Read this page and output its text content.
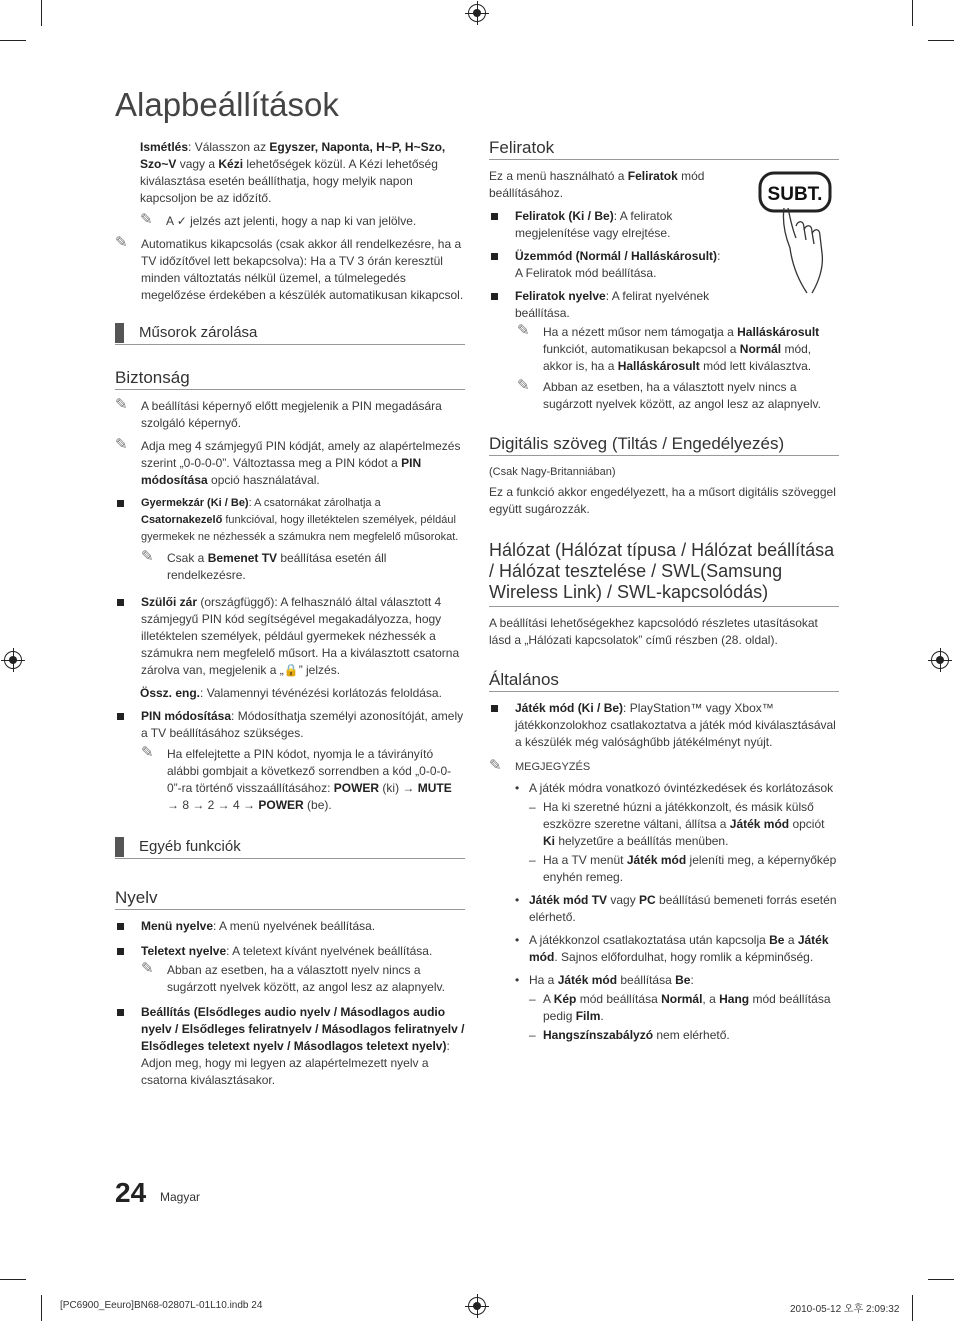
Alapbeállítások

Ismétlés: Válasszon az Egyszer, Naponta, H~P, H~Szo, Szo~V vagy a Kézi lehetőségek közül. A Kézi lehetőség kiválasztása esetén beállíthatja, hogy melyik napon kapcsoljon be az időzítő.

✎ A ✓ jelzés azt jelenti, hogy a nap ki van jelölve.
✎ Automatikus kikapcsolás (csak akkor áll rendelkezésre, ha a TV időzítővel lett bekapcsolva): Ha a TV 3 órán keresztül minden változtatás nélkül üzemel, a túlmelegedés megelőzése érdekében a készülék automatikusan kikapcsol.
Műsorok zárolása
Biztonság
✎ A beállítási képernyő előtt megjelenik a PIN megadására szolgáló képernyő.
✎ Adja meg 4 számjegyű PIN kódját, amely az alapértelmezés szerint „0-0-0-0”. Változtassa meg a PIN kódot a PIN módosítása opció használatával.
Gyermekzár (Ki / Be): A csatornákat zárolhatja a Csatornakezelő funkcióval, hogy illetéktelen személyek, például gyermekek ne nézhessék a számukra nem megfelelő műsorokat.
✎ Csak a Bemenet TV beállítása esetén áll rendelkezésre.
Szülői zár (országfüggő): A felhasználó által választott 4 számjegyű PIN kód segítségével megakadályozza, hogy illetéktelen személyek, például gyermekek nézhessék a számukra nem megfelelő műsort. Ha a kiválasztott csatorna zárolva van, megjelenik a „🔒” jelzés.
Össz. eng.: Valamennyi tévénézési korlátozás feloldása.
PIN módosítása: Módosíthatja személyi azonosítóját, amely a TV beállításához szükséges.
✎ Ha elfelejtette a PIN kódot, nyomja le a távirányító alábbi gombjait a következő sorrendben a kód „0-0-0-0”-ra történő visszaállításához: POWER (ki) → MUTE → 8 → 2 → 4 → POWER (be).
Egyéb funkciók
Nyelv
Menü nyelve: A menü nyelvének beállítása.
Teletext nyelve: A teletext kívánt nyelvének beállítása.
✎ Abban az esetben, ha a választott nyelv nincs a sugárzott nyelvek között, az angol lesz az alapnyelv.
Beállítás (Elsődleges audio nyelv / Másodlagos audio nyelv / Elsődleges feliratnyelv / Másodlagos feliratnyelv / Elsődleges teletext nyelv / Másodlagos teletext nyelv): Adjon meg, hogy mi legyen az alapértelmezett nyelv a csatorna kiválasztásakor.
Feliratok

Ez a menü használható a Feliratok mód beállításához.

Feliratok (Ki / Be): A feliratok megjelenítése vagy elrejtése.
Üzemmód (Normál / Halláskárosult): A Feliratok mód beállítása.
Feliratok nyelve: A felirat nyelvének beállítása.
✎ Ha a nézett műsor nem támogatja a Halláskárosult funkciót, automatikusan bekapcsol a Normál mód, akkor is, ha a Halláskárosult mód lett kiválasztva.
✎ Abban az esetben, ha a választott nyelv nincs a sugárzott nyelvek között, az angol lesz az alapnyelv.
Digitális szöveg (Tiltás / Engedélyezés)
(Csak Nagy-Britanniában)

Ez a funkció akkor engedélyezett, ha a műsort digitális szöveggel együtt sugározzák.

Hálózat (Hálózat típusa / Hálózat beállítása / Hálózat tesztelése / SWL(Samsung Wireless Link) / SWL-kapcsolódás)

A beállítási lehetőségekhez kapcsolódó részletes utasításokat lásd a „Hálózati kapcsolatok” című részben (28. oldal).

Általános
Játék mód (Ki / Be): PlayStation™ vagy Xbox™ játékkonzolokhoz csatlakoztatva a játék mód kiválasztásával a készülék még valósághűbb játékélményt nyújt.
✎ MEGJEGYZÉS
• A játék módra vonatkozó óvintézkedések és korlátozások
– Ha ki szeretné húzni a játékkonzolt, és másik külső eszközre szeretne váltani, állítsa a Játék mód opciót Ki helyzetűre a beállítás menüben.
– Ha a TV menüt Játék mód jeleníti meg, a képernyőkép enyhén remeg.
• Játék mód TV vagy PC beállítású bemeneti forrás esetén elérhető.
• A játékkonzol csatlakoztatása után kapcsolja Be a Játék mód. Sajnos előfordulhat, hogy romlik a képminőség.
• Ha a Játék mód beállítása Be:
– A Kép mód beállítása Normál, a Hang mód beállítása pedig Film.
– Hangszínszabályzó nem elérhető.
SUBT.
24 Magyar
[PC6900_Eeuro]BN68-02807L-01L10.indb 24	2010-05-12 오후 2:09:32
